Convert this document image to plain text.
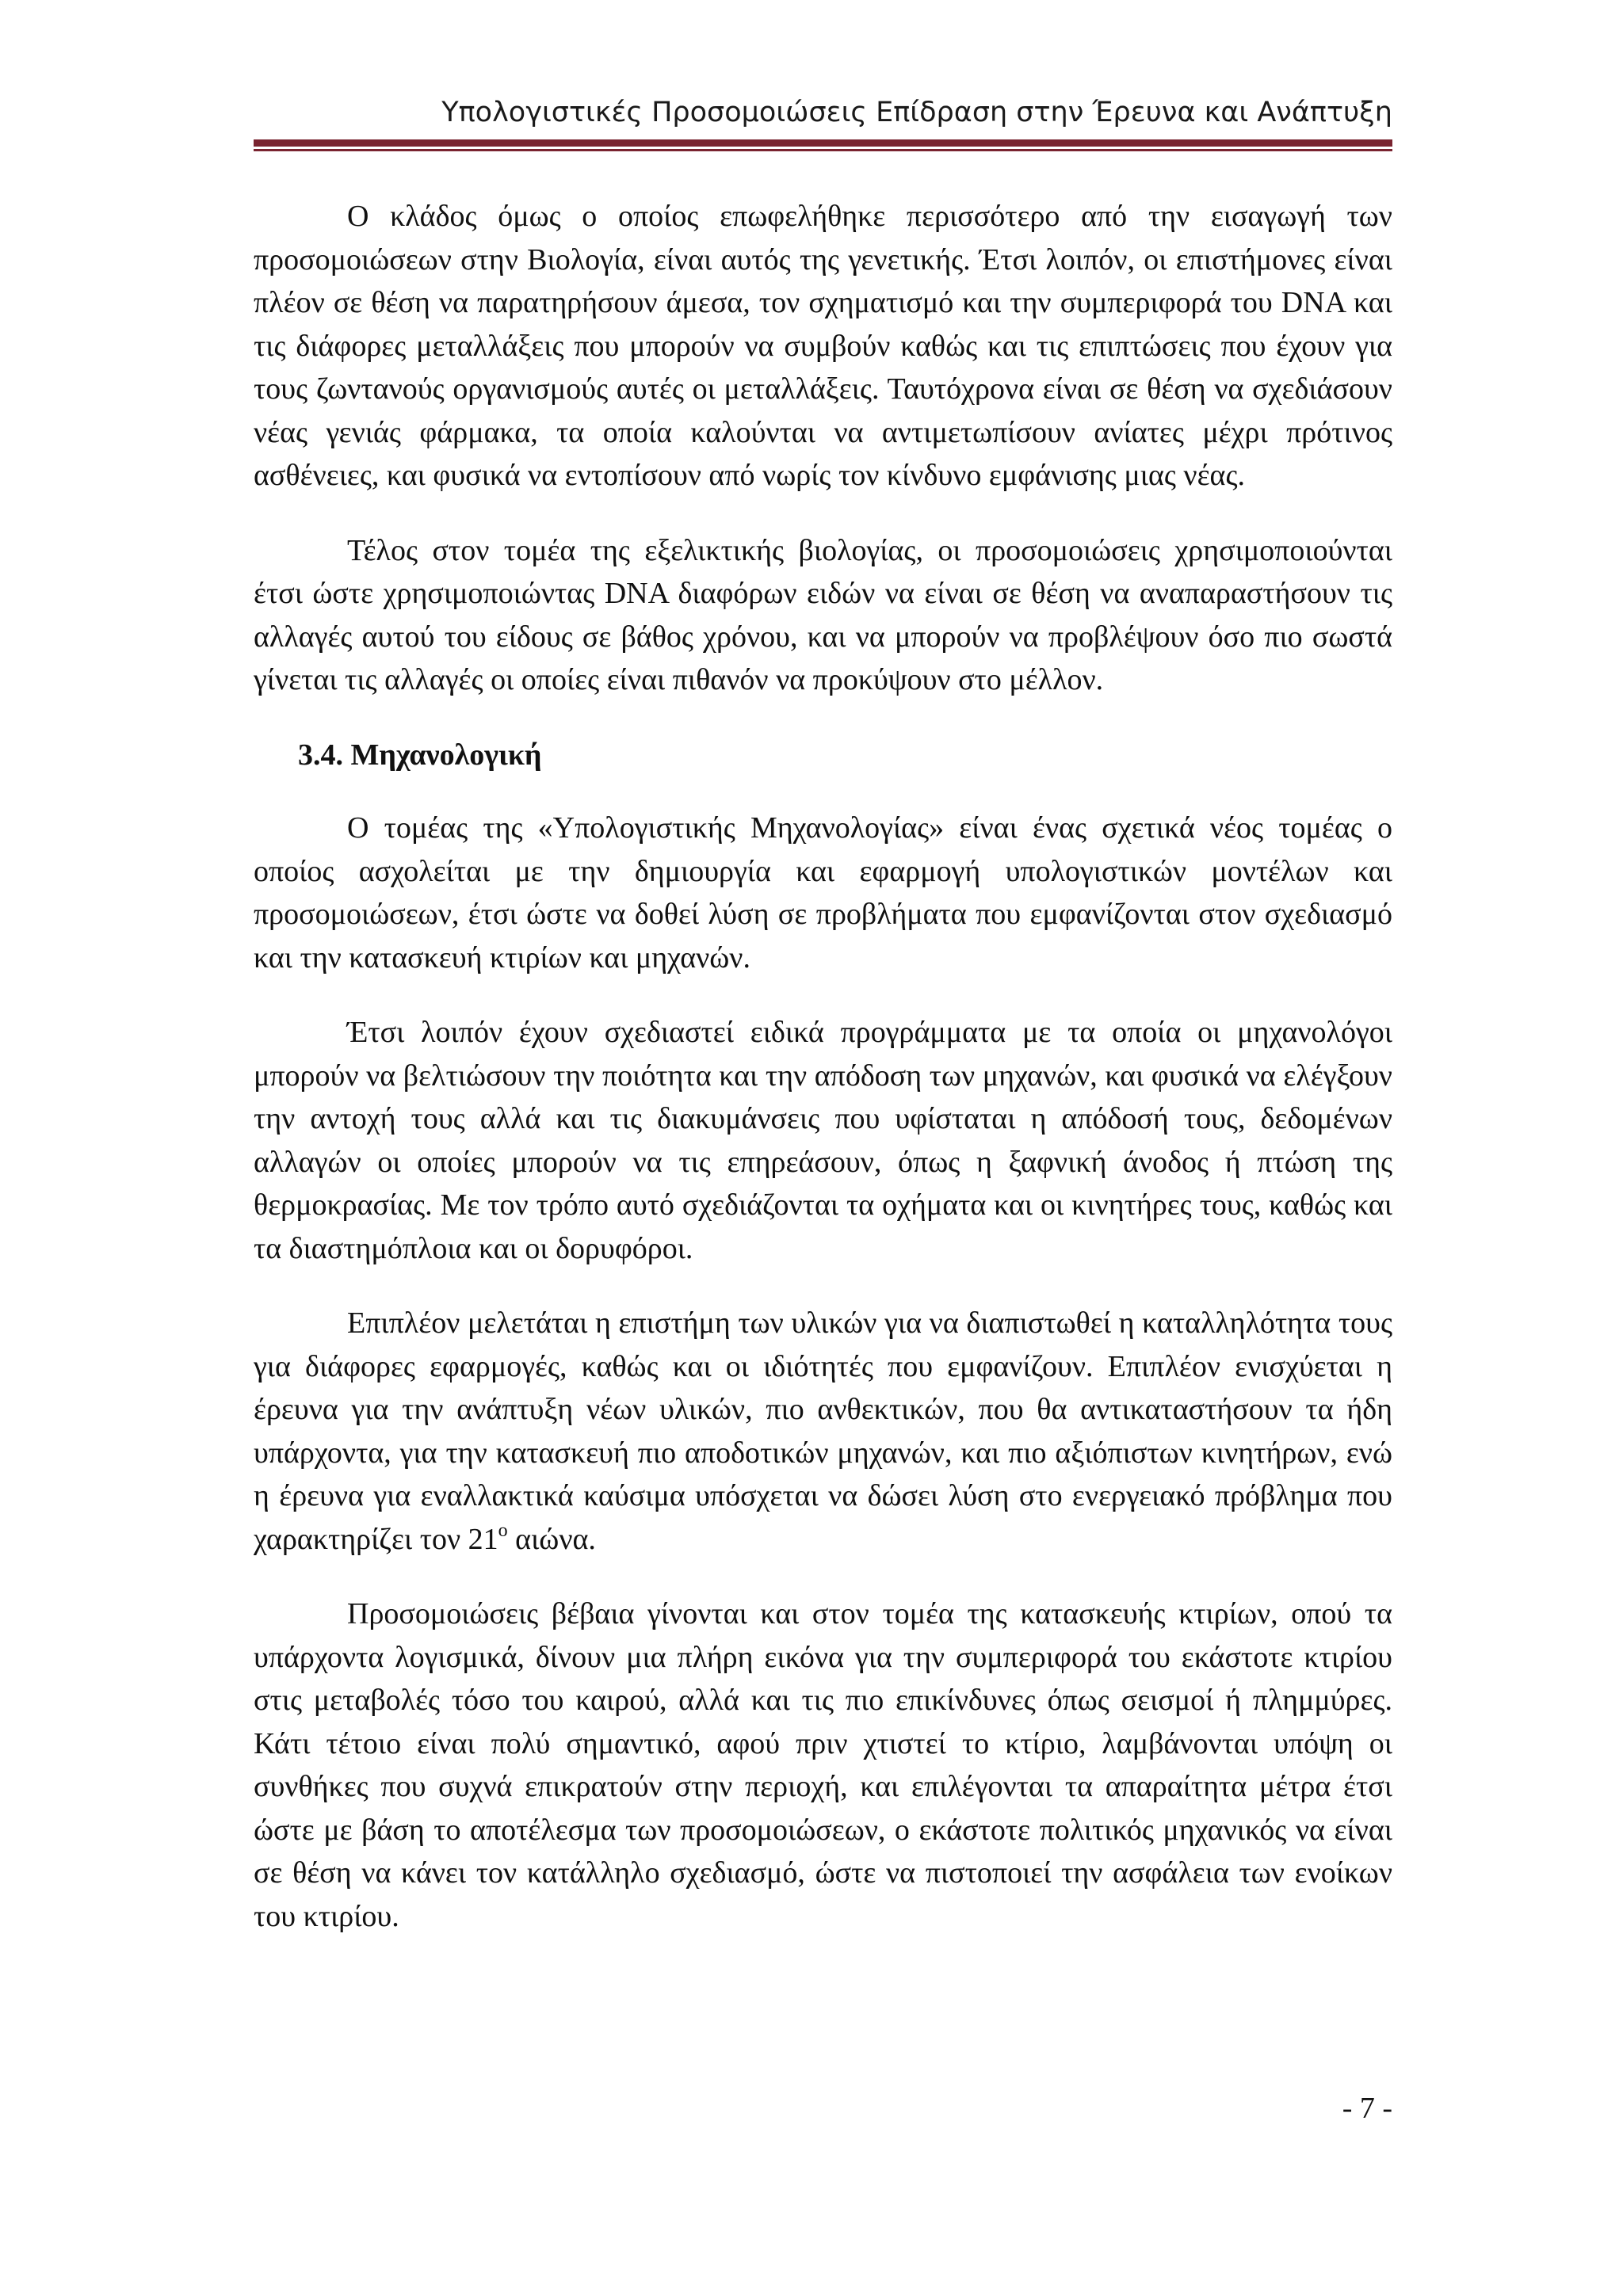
Υπολογιστικές Προσομοιώσεις Επίδραση στην Έρευνα και Ανάπτυξη

Ο κλάδος όμως ο οποίος επωφελήθηκε περισσότερο από την εισαγωγή των προσομοιώσεων στην Βιολογία, είναι αυτός της γενετικής. Έτσι λοιπόν, οι επιστήμονες είναι πλέον σε θέση να παρατηρήσουν άμεσα, τον σχηματισμό και την συμπεριφορά του DNA και τις διάφορες μεταλλάξεις που μπορούν να συμβούν καθώς και τις επιπτώσεις που έχουν για τους ζωντανούς οργανισμούς αυτές οι μεταλλάξεις. Ταυτόχρονα είναι σε θέση να σχεδιάσουν νέας γενιάς φάρμακα, τα οποία καλούνται να αντιμετωπίσουν ανίατες μέχρι πρότινος ασθένειες, και φυσικά να εντοπίσουν από νωρίς τον κίνδυνο εμφάνισης μιας νέας.

Τέλος στον τομέα της εξελικτικής βιολογίας, οι προσομοιώσεις χρησιμοποιούνται έτσι ώστε χρησιμοποιώντας DNA διαφόρων ειδών να είναι σε θέση να αναπαραστήσουν τις αλλαγές αυτού του είδους σε βάθος χρόνου, και να μπορούν να προβλέψουν όσο πιο σωστά γίνεται τις αλλαγές οι οποίες είναι πιθανόν να προκύψουν στο μέλλον.

3.4. Μηχανολογική

Ο τομέας της «Υπολογιστικής Μηχανολογίας» είναι ένας σχετικά νέος τομέας ο οποίος ασχολείται με την δημιουργία και εφαρμογή υπολογιστικών μοντέλων και προσομοιώσεων, έτσι ώστε να δοθεί λύση σε προβλήματα που εμφανίζονται στον σχεδιασμό και την κατασκευή κτιρίων και μηχανών.

Έτσι λοιπόν έχουν σχεδιαστεί ειδικά προγράμματα με τα οποία οι μηχανολόγοι μπορούν να βελτιώσουν την ποιότητα και την απόδοση των μηχανών, και φυσικά να ελέγξουν την αντοχή τους αλλά και τις διακυμάνσεις που υφίσταται η απόδοσή τους, δεδομένων αλλαγών οι οποίες μπορούν να τις επηρεάσουν, όπως η ξαφνική άνοδος ή πτώση της θερμοκρασίας. Με τον τρόπο αυτό σχεδιάζονται τα οχήματα και οι κινητήρες τους, καθώς και τα διαστημόπλοια και οι δορυφόροι.

Επιπλέον μελετάται η επιστήμη των υλικών για να διαπιστωθεί η καταλληλότητα τους για διάφορες εφαρμογές, καθώς και οι ιδιότητές που εμφανίζουν. Επιπλέον ενισχύεται η έρευνα για την ανάπτυξη νέων υλικών, πιο ανθεκτικών, που θα αντικαταστήσουν τα ήδη υπάρχοντα, για την κατασκευή πιο αποδοτικών μηχανών, και πιο αξιόπιστων κινητήρων, ενώ η έρευνα για εναλλακτικά καύσιμα υπόσχεται να δώσει λύση στο ενεργειακό πρόβλημα που χαρακτηρίζει τον $21^o$ αιώνα.

Προσομοιώσεις βέβαια γίνονται και στον τομέα της κατασκευής κτιρίων, οπού τα υπάρχοντα λογισμικά, δίνουν μια πλήρη εικόνα για την συμπεριφορά του εκάστοτε κτιρίου στις μεταβολές τόσο του καιρού, αλλά και τις πιο επικίνδυνες όπως σεισμοί ή πλημμύρες. Κάτι τέτοιο είναι πολύ σημαντικό, αφού πριν χτιστεί το κτίριο, λαμβάνονται υπόψη οι συνθήκες που συχνά επικρατούν στην περιοχή, και επιλέγονται τα απαραίτητα μέτρα έτσι ώστε με βάση το αποτέλεσμα των προσομοιώσεων, ο εκάστοτε πολιτικός μηχανικός να είναι σε θέση να κάνει τον κατάλληλο σχεδιασμό, ώστε να πιστοποιεί την ασφάλεια των ενοίκων του κτιρίου.

- 7 -
